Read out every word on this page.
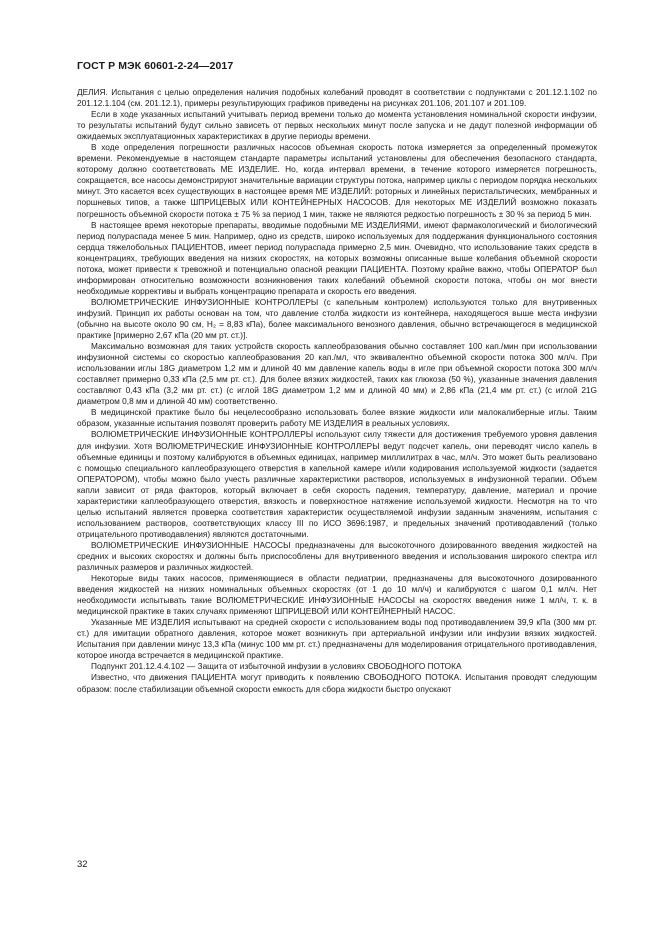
ГОСТ Р МЭК 60601-2-24—2017

ДЕЛИЯ. Испытания с целью определения наличия подобных колебаний проводят в соответствии с подпунктами с 201.12.1.102 по 201.12.1.104 (см. 201.12.1), примеры результирующих графиков приведены на рисунках 201.106, 201.107 и 201.109.

Если в ходе указанных испытаний учитывать период времени только до момента установления номинальной скорости инфузии, то результаты испытаний будут сильно зависеть от первых нескольких минут после запуска и не дадут полезной информации об ожидаемых эксплуатационных характеристиках в другие периоды времени.

В ходе определения погрешности различных насосов объемная скорость потока измеряется за определенный промежуток времени. Рекомендуемые в настоящем стандарте параметры испытаний установлены для обеспечения безопасного стандарта, которому должно соответствовать МЕ ИЗДЕЛИЕ. Но, когда интервал времени, в течение которого измеряется погрешность, сокращается, все насосы демонстрируют значительные вариации структуры потока, например циклы с периодом порядка нескольких минут. Это касается всех существующих в настоящее время МЕ ИЗДЕЛИЙ: роторных и линейных перистальтических, мембранных и поршневых типов, а также ШПРИЦЕВЫХ ИЛИ КОНТЕЙНЕРНЫХ НАСОСОВ. Для некоторых МЕ ИЗДЕЛИЙ возможно показать погрешность объемной скорости потока ± 75 % за период 1 мин, также не являются редкостью погрешность ± 30 % за период 5 мин.

В настоящее время некоторые препараты, вводимые подобными МЕ ИЗДЕЛИЯМИ, имеют фармакологический и биологический период полураспада менее 5 мин. Например, одно из средств, широко используемых для поддержания функционального состояния сердца тяжелобольных ПАЦИЕНТОВ, имеет период полураспада примерно 2,5 мин. Очевидно, что использование таких средств в концентрациях, требующих введения на низких скоростях, на которых возможны описанные выше колебания объемной скорости потока, может привести к тревожной и потенциально опасной реакции ПАЦИЕНТА. Поэтому крайне важно, чтобы ОПЕРАТОР был информирован относительно возможности возникновения таких колебаний объемной скорости потока, чтобы он мог внести необходимые коррективы и выбрать концентрацию препарата и скорость его введения.

ВОЛЮМЕТРИЧЕСКИЕ ИНФУЗИОННЫЕ КОНТРОЛЛЕРЫ (с капельным контролем) используются только для внутривенных инфузий. Принцип их работы основан на том, что давление столба жидкости из контейнера, находящегося выше места инфузии (обычно на высоте около 90 см, H₂ = 8,83 кПа), более максимального венозного давления, обычно встречающегося в медицинской практике [примерно 2,67 кПа (20 мм рт. ст.)].

Максимально возможная для таких устройств скорость каплеобразования обычно составляет 100 кап./мин при использовании инфузионной системы со скоростью каплеобразования 20 кап./мл, что эквивалентно объемной скорости потока 300 мл/ч. При использовании иглы 18G диаметром 1,2 мм и длиной 40 мм давление капель воды в игле при объемной скорости потока 300 мл/ч составляет примерно 0,33 кПа (2,5 мм рт. ст.). Для более вязких жидкостей, таких как глюкоза (50 %), указанные значения давления составляют 0,43 кПа (3,2 мм рт. ст.) (с иглой 18G диаметром 1,2 мм и длиной 40 мм) и 2,86 кПа (21,4 мм рт. ст.) (с иглой 21G диаметром 0,8 мм и длиной 40 мм) соответственно.

В медицинской практике было бы нецелесообразно использовать более вязкие жидкости или малокалиберные иглы. Таким образом, указанные испытания позволят проверить работу МЕ ИЗДЕЛИЯ в реальных условиях.

ВОЛЮМЕТРИЧЕСКИЕ ИНФУЗИОННЫЕ КОНТРОЛЛЕРЫ используют силу тяжести для достижения требуемого уровня давления для инфузии. Хотя ВОЛЮМЕТРИЧЕСКИЕ ИНФУЗИОННЫЕ КОНТРОЛЛЕРЫ ведут подсчет капель, они переводят число капель в объемные единицы и поэтому калибруются в объемных единицах, например миллилитрах в час, мл/ч. Это может быть реализовано с помощью специального каплеобразующего отверстия в капельной камере и/или кодирования используемой жидкости (задается ОПЕРАТОРОМ), чтобы можно было учесть различные характеристики растворов, используемых в инфузионной терапии. Объем капли зависит от ряда факторов, который включает в себя скорость падения, температуру, давление, материал и прочие характеристики каплеобразующего отверстия, вязкость и поверхностное натяжение используемой жидкости. Несмотря на то что целью испытаний является проверка соответствия характеристик осуществляемой инфузии заданным значениям, испытания с использованием растворов, соответствующих классу III по ИСО 3696:1987, и предельных значений противодавлений (только отрицательного противодавления) являются достаточными.

ВОЛЮМЕТРИЧЕСКИЕ ИНФУЗИОННЫЕ НАСОСЫ предназначены для высокоточного дозированного введения жидкостей на средних и высоких скоростях и должны быть приспособлены для внутривенного введения и использования широкого спектра игл различных размеров и различных жидкостей.

Некоторые виды таких насосов, применяющиеся в области педиатрии, предназначены для высокоточного дозированного введения жидкостей на низких номинальных объемных скоростях (от 1 до 10 мл/ч) и калибруются с шагом 0,1 мл/ч. Нет необходимости испытывать такие ВОЛЮМЕТРИЧЕСКИЕ ИНФУЗИОННЫЕ НАСОСЫ на скоростях введения ниже 1 мл/ч, т. к. в медицинской практике в таких случаях применяют ШПРИЦЕВОЙ ИЛИ КОНТЕЙНЕРНЫЙ НАСОС.

Указанные МЕ ИЗДЕЛИЯ испытывают на средней скорости с использованием воды под противодавлением 39,9 кПа (300 мм рт. ст.) для имитации обратного давления, которое может возникнуть при артериальной инфузии или инфузии вязких жидкостей. Испытания при давлении минус 13,3 кПа (минус 100 мм рт. ст.) предназначены для моделирования отрицательного противодавления, которое иногда встречается в медицинской практике.

Подпункт 201.12.4.4.102 — Защита от избыточной инфузии в условиях СВОБОДНОГО ПОТОКА

Известно, что движения ПАЦИЕНТА могут приводить к появлению СВОБОДНОГО ПОТОКА. Испытания проводят следующим образом: после стабилизации объемной скорости емкость для сбора жидкости быстро опускают

32
